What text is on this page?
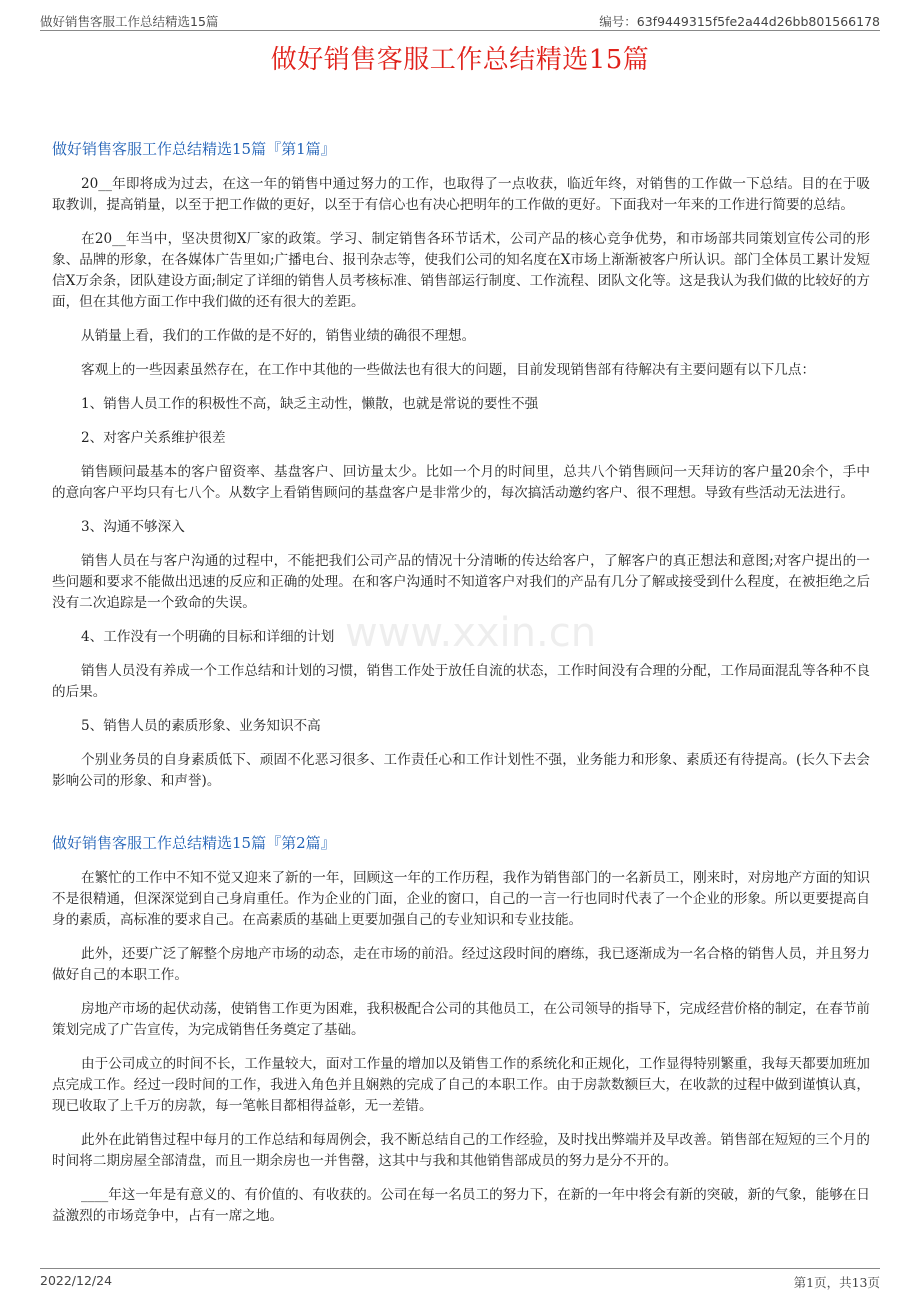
做好销售客服工作总结精选15篇	编号：63f9449315f5fe2a44d26bb801566178
做好销售客服工作总结精选15篇
www.xxin.cn
做好销售客服工作总结精选15篇『第1篇』

20__年即将成为过去，在这一年的销售中通过努力的工作，也取得了一点收获，临近年终，对销售的工作做一下总结。目的在于吸取教训，提高销量，以至于把工作做的更好，以至于有信心也有决心把明年的工作做的更好。下面我对一年来的工作进行简要的总结。

在20__年当中，坚决贯彻X厂家的政策。学习、制定销售各环节话术，公司产品的核心竞争优势，和市场部共同策划宣传公司的形象、品牌的形象，在各媒体广告里如;广播电台、报刊杂志等，使我们公司的知名度在X市场上渐渐被客户所认识。部门全体员工累计发短信X万余条，团队建设方面;制定了详细的销售人员考核标准、销售部运行制度、工作流程、团队文化等。这是我认为我们做的比较好的方面，但在其他方面工作中我们做的还有很大的差距。

从销量上看，我们的工作做的是不好的，销售业绩的确很不理想。

客观上的一些因素虽然存在，在工作中其他的一些做法也有很大的问题，目前发现销售部有待解决有主要问题有以下几点：

1、销售人员工作的积极性不高，缺乏主动性，懒散，也就是常说的要性不强

2、对客户关系维护很差

销售顾问最基本的客户留资率、基盘客户、回访量太少。比如一个月的时间里，总共八个销售顾问一天拜访的客户量20余个，手中的意向客户平均只有七八个。从数字上看销售顾问的基盘客户是非常少的，每次搞活动邀约客户、很不理想。导致有些活动无法进行。

3、沟通不够深入

销售人员在与客户沟通的过程中，不能把我们公司产品的情况十分清晰的传达给客户，了解客户的真正想法和意图;对客户提出的一些问题和要求不能做出迅速的反应和正确的处理。在和客户沟通时不知道客户对我们的产品有几分了解或接受到什么程度，在被拒绝之后没有二次追踪是一个致命的失误。

4、工作没有一个明确的目标和详细的计划

销售人员没有养成一个工作总结和计划的习惯，销售工作处于放任自流的状态，工作时间没有合理的分配，工作局面混乱等各种不良的后果。

5、销售人员的素质形象、业务知识不高

个别业务员的自身素质低下、顽固不化恶习很多、工作责任心和工作计划性不强，业务能力和形象、素质还有待提高。(长久下去会影响公司的形象、和声誉)。

做好销售客服工作总结精选15篇『第2篇』

在繁忙的工作中不知不觉又迎来了新的一年，回顾这一年的工作历程，我作为销售部门的一名新员工，刚来时，对房地产方面的知识不是很精通，但深深觉到自己身肩重任。作为企业的门面，企业的窗口，自己的一言一行也同时代表了一个企业的形象。所以更要提高自身的素质，高标准的要求自己。在高素质的基础上更要加强自己的专业知识和专业技能。

此外，还要广泛了解整个房地产市场的动态，走在市场的前沿。经过这段时间的磨练，我已逐渐成为一名合格的销售人员，并且努力做好自己的本职工作。

房地产市场的起伏动荡，使销售工作更为困难，我积极配合公司的其他员工，在公司领导的指导下，完成经营价格的制定，在春节前策划完成了广告宣传，为完成销售任务奠定了基础。

由于公司成立的时间不长，工作量较大，面对工作量的增加以及销售工作的系统化和正规化，工作显得特别繁重，我每天都要加班加点完成工作。经过一段时间的工作，我进入角色并且娴熟的完成了自己的本职工作。由于房款数额巨大，在收款的过程中做到谨慎认真，现已收取了上千万的房款，每一笔帐目都相得益彰，无一差错。

此外在此销售过程中每月的工作总结和每周例会，我不断总结自己的工作经验，及时找出弊端并及早改善。销售部在短短的三个月的时间将二期房屋全部清盘，而且一期余房也一并售罄，这其中与我和其他销售部成员的努力是分不开的。

____年这一年是有意义的、有价值的、有收获的。公司在每一名员工的努力下，在新的一年中将会有新的突破，新的气象，能够在日益激烈的市场竞争中，占有一席之地。

2022/12/24	第1页，共13页
